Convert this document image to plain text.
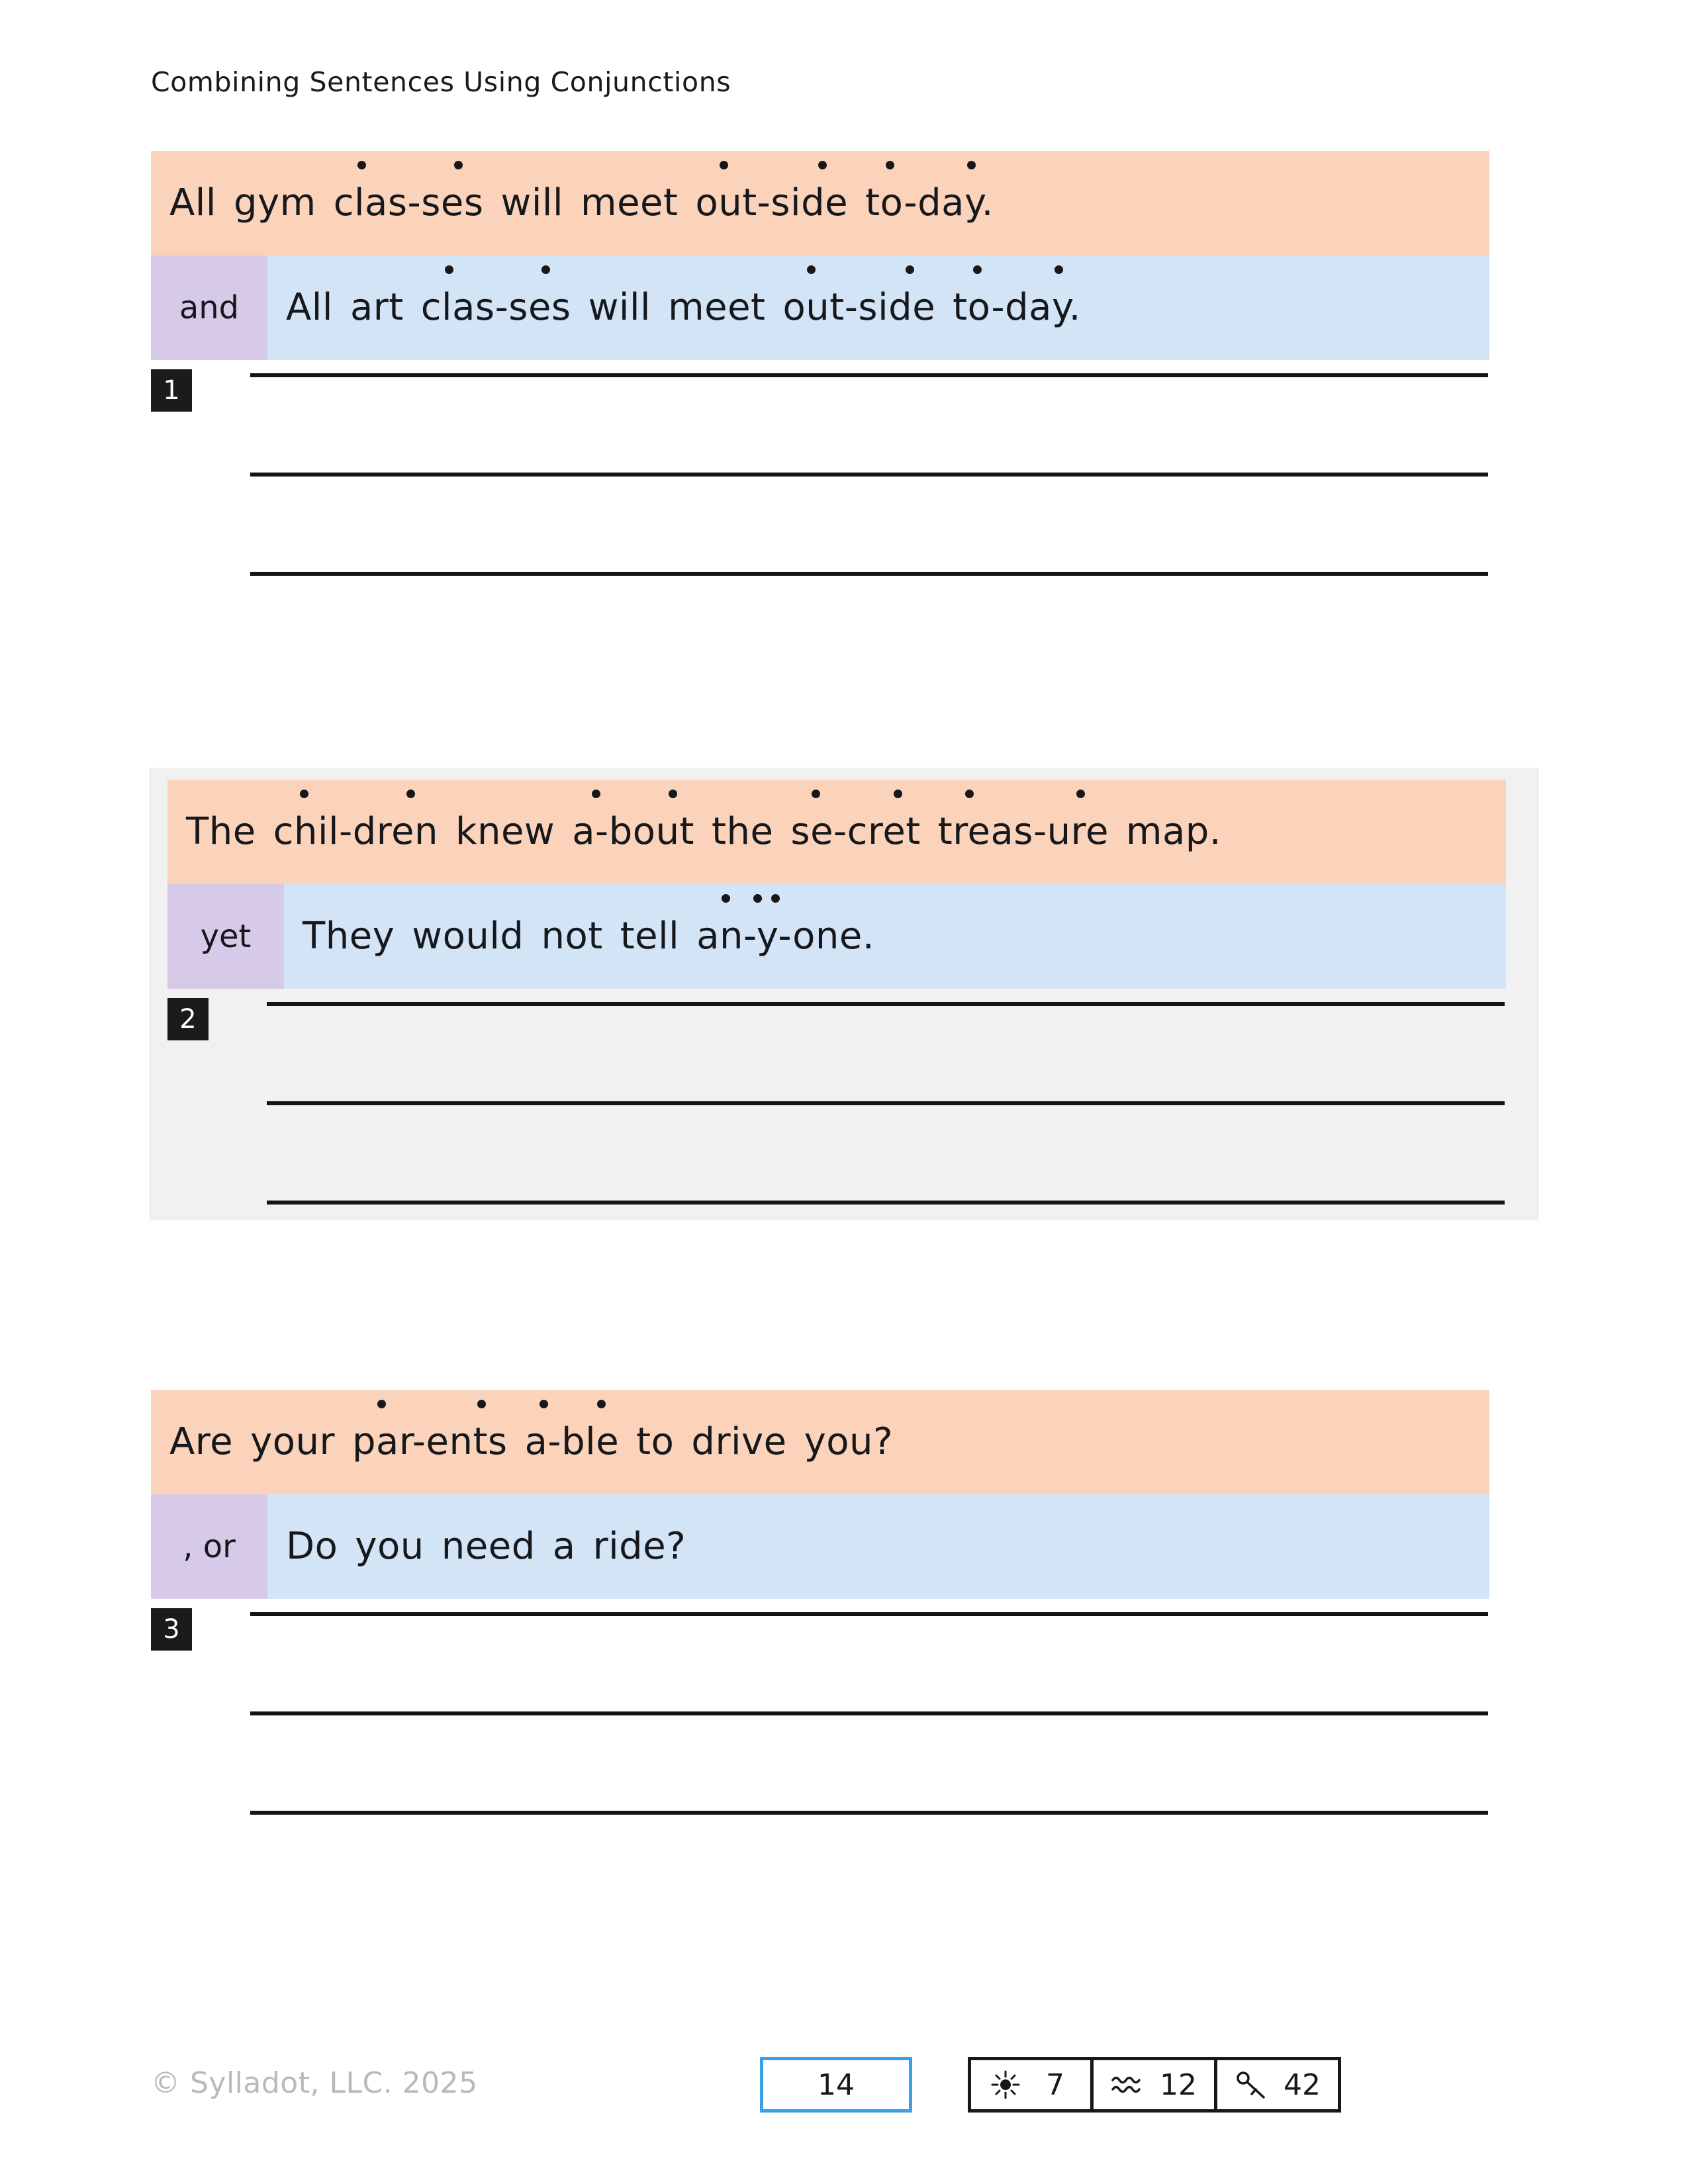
Combining Sentences Using Conjunctions
All gym clas-ses will meet out-side to-day.
and	All art clas-ses will meet out-side to-day.
1
The chil-dren knew a-bout the se-cret treas-ure map.
yet	They would not tell an-y-one.
2
Are your par-ents a-ble to drive you?
, or	Do you need a ride?
3
© Sylladot, LLC. 2025	14	7	12	42
